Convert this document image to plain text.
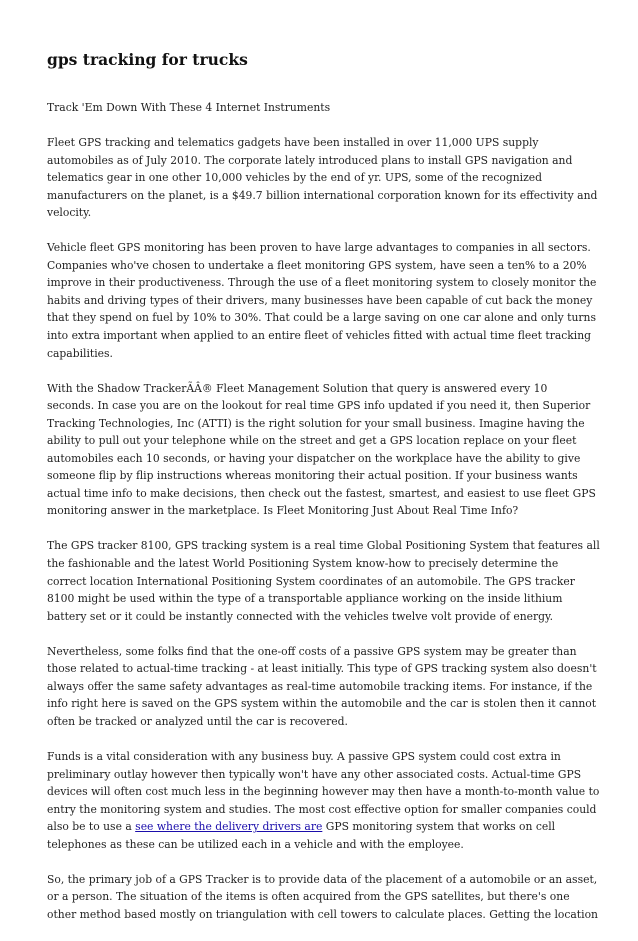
gps tracking for trucks

Track 'Em Down With These 4 Internet Instruments

Fleet GPS tracking and telematics gadgets have been installed in over 11,000 UPS supply
automobiles as of July 2010. The corporate lately introduced plans to install GPS navigation and
telematics gear in one other 10,000 vehicles by the end of yr. UPS, some of the recognized
manufacturers on the planet, is a $49.7 billion international corporation known for its effectivity and
velocity.

Vehicle fleet GPS monitoring has been proven to have large advantages to companies in all sectors.
Companies who've chosen to undertake a fleet monitoring GPS system, have seen a ten% to a 20%
improve in their productiveness. Through the use of a fleet monitoring system to closely monitor the
habits and driving types of their drivers, many businesses have been capable of cut back the money
that they spend on fuel by 10% to 30%. That could be a large saving on one car alone and only turns
into extra important when applied to an entire fleet of vehicles fitted with actual time fleet tracking
capabilities.

With the Shadow TrackerÃÂ® Fleet Management Solution that query is answered every 10
seconds. In case you are on the lookout for real time GPS info updated if you need it, then Superior
Tracking Technologies, Inc (ATTI) is the right solution for your small business. Imagine having the
ability to pull out your telephone while on the street and get a GPS location replace on your fleet
automobiles each 10 seconds, or having your dispatcher on the workplace have the ability to give
someone flip by flip instructions whereas monitoring their actual position. If your business wants
actual time info to make decisions, then check out the fastest, smartest, and easiest to use fleet GPS
monitoring answer in the marketplace. Is Fleet Monitoring Just About Real Time Info?

The GPS tracker 8100, GPS tracking system is a real time Global Positioning System that features all
the fashionable and the latest World Positioning System know-how to precisely determine the
correct location International Positioning System coordinates of an automobile. The GPS tracker
8100 might be used within the type of a transportable appliance working on the inside lithium
battery set or it could be instantly connected with the vehicles twelve volt provide of energy.

Nevertheless, some folks find that the one-off costs of a passive GPS system may be greater than
those related to actual-time tracking - at least initially. This type of GPS tracking system also doesn't
always offer the same safety advantages as real-time automobile tracking items. For instance, if the
info right here is saved on the GPS system within the automobile and the car is stolen then it cannot
often be tracked or analyzed until the car is recovered.

Funds is a vital consideration with any business buy. A passive GPS system could cost extra in
preliminary outlay however then typically won't have any other associated costs. Actual-time GPS
devices will often cost much less in the beginning however may then have a month-to-month value to
entry the monitoring system and studies. The most cost effective option for smaller companies could
also be to use a see where the delivery drivers are GPS monitoring system that works on cell
telephones as these can be utilized each in a vehicle and with the employee.

So, the primary job of a GPS Tracker is to provide data of the placement of a automobile or an asset,
or a person. The situation of the items is often acquired from the GPS satellites, but there's one
other method based mostly on triangulation with cell towers to calculate places. Getting the location
